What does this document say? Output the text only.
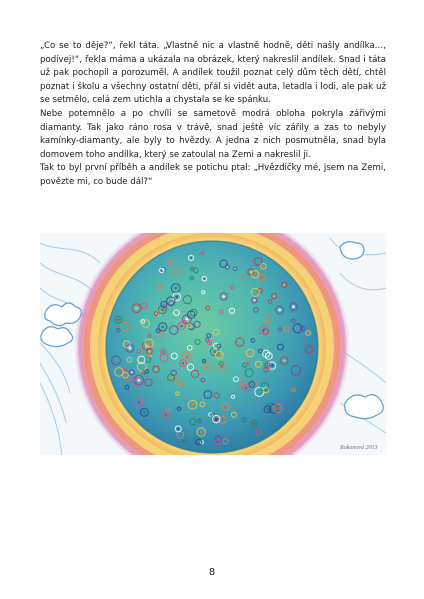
„Co se to děje?“, řekl táta. „Vlastně nic a vlastně hodně, děti našly andílka…, podívej!“, řekla máma a ukázala na obrázek, který nakreslil andílek. Snad i táta už pak pochopil a porozuměl. A andílek toužil poznat celý dům těch dětí, chtěl poznat i školu a všechny ostatní děti, přál si vidět auta, letadla i lodi, ale pak už se setmělo, celá zem utichla a chystala se ke spánku.

Nebe potemnělo a po chvíli se sametově modrá obloha pokryla zářivými diamanty. Tak jako ráno rosa v trávě, snad ještě víc zářily a zas to nebyly kamínky-diamanty, ale byly to hvězdy. A jedna z nich posmutněla, snad byla domovem toho andílka, který se zatoulal na Zemi a nakreslil ji.

Tak to byl první příběh a andílek se potichu ptal: „Hvězdičky mé, jsem na Zemi, povězte mi, co bude dál?“

Rokonová 2013
8
